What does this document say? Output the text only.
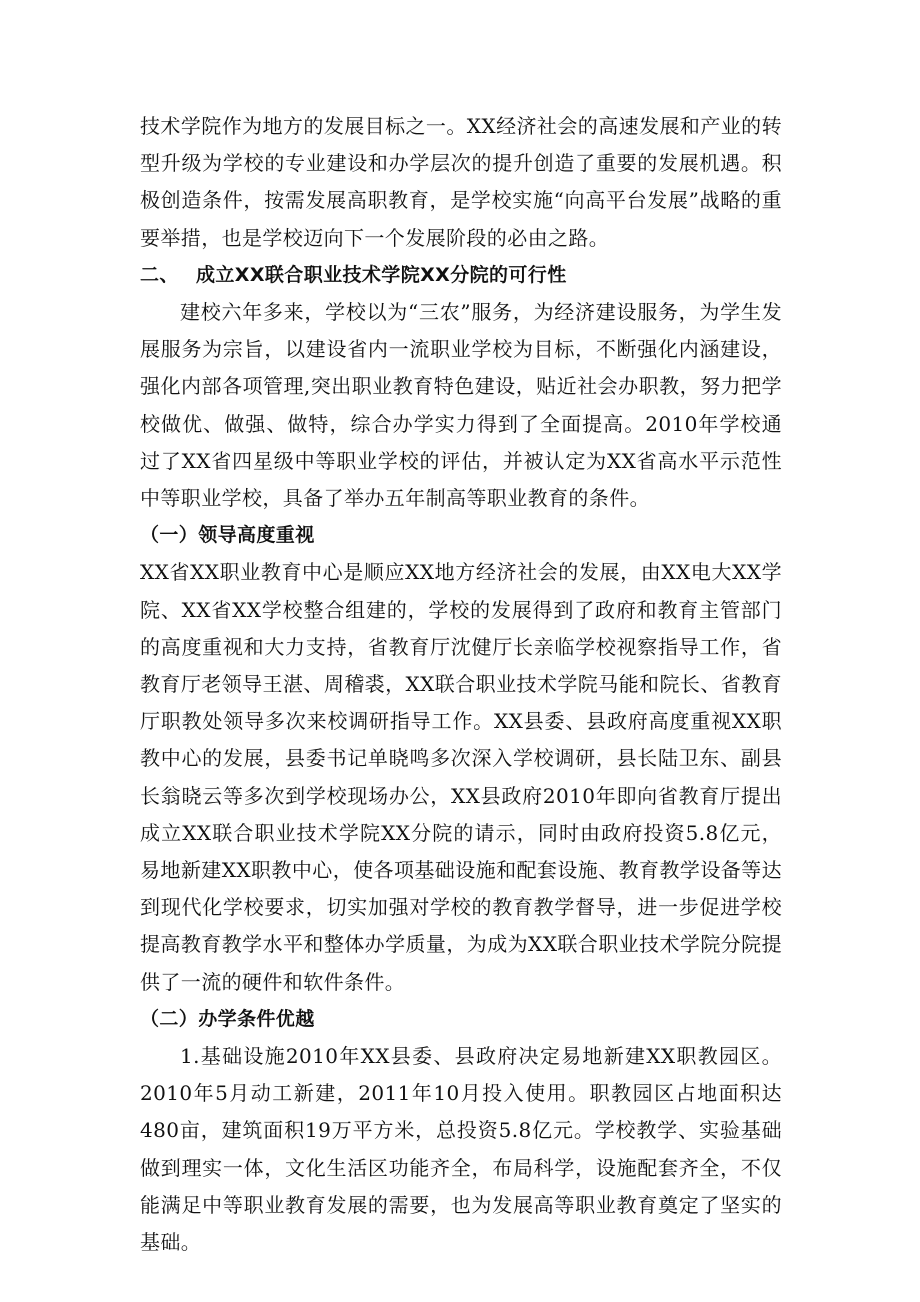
技术学院作为地方的发展目标之一。XX经济社会的高速发展和产业的转型升级为学校的专业建设和办学层次的提升创造了重要的发展机遇。积极创造条件，按需发展高职教育，是学校实施“向高平台发展”战略的重要举措，也是学校迈向下一个发展阶段的必由之路。

二、 成立XX联合职业技术学院XX分院的可行性

建校六年多来，学校以为“三农”服务，为经济建设服务，为学生发展服务为宗旨，以建设省内一流职业学校为目标，不断强化内涵建设，强化内部各项管理,突出职业教育特色建设，贴近社会办职教，努力把学校做优、做强、做特，综合办学实力得到了全面提高。2010年学校通过了XX省四星级中等职业学校的评估，并被认定为XX省高水平示范性中等职业学校，具备了举办五年制高等职业教育的条件。

（一）领导高度重视

XX省XX职业教育中心是顺应XX地方经济社会的发展，由XX电大XX学院、XX省XX学校整合组建的，学校的发展得到了政府和教育主管部门的高度重视和大力支持，省教育厅沈健厅长亲临学校视察指导工作，省教育厅老领导王湛、周稽裘，XX联合职业技术学院马能和院长、省教育厅职教处领导多次来校调研指导工作。XX县委、县政府高度重视XX职教中心的发展，县委书记单晓鸣多次深入学校调研，县长陆卫东、副县长翁晓云等多次到学校现场办公，XX县政府2010年即向省教育厅提出成立XX联合职业技术学院XX分院的请示，同时由政府投资5.8亿元，易地新建XX职教中心，使各项基础设施和配套设施、教育教学设备等达到现代化学校要求，切实加强对学校的教育教学督导，进一步促进学校提高教育教学水平和整体办学质量，为成为XX联合职业技术学院分院提供了一流的硬件和软件条件。

（二）办学条件优越

1.基础设施2010年XX县委、县政府决定易地新建XX职教园区。2010年5月动工新建，2011年10月投入使用。职教园区占地面积达480亩，建筑面积19万平方米，总投资5.8亿元。学校教学、实验基础做到理实一体，文化生活区功能齐全，布局科学，设施配套齐全，不仅能满足中等职业教育发展的需要，也为发展高等职业教育奠定了坚实的基础。
